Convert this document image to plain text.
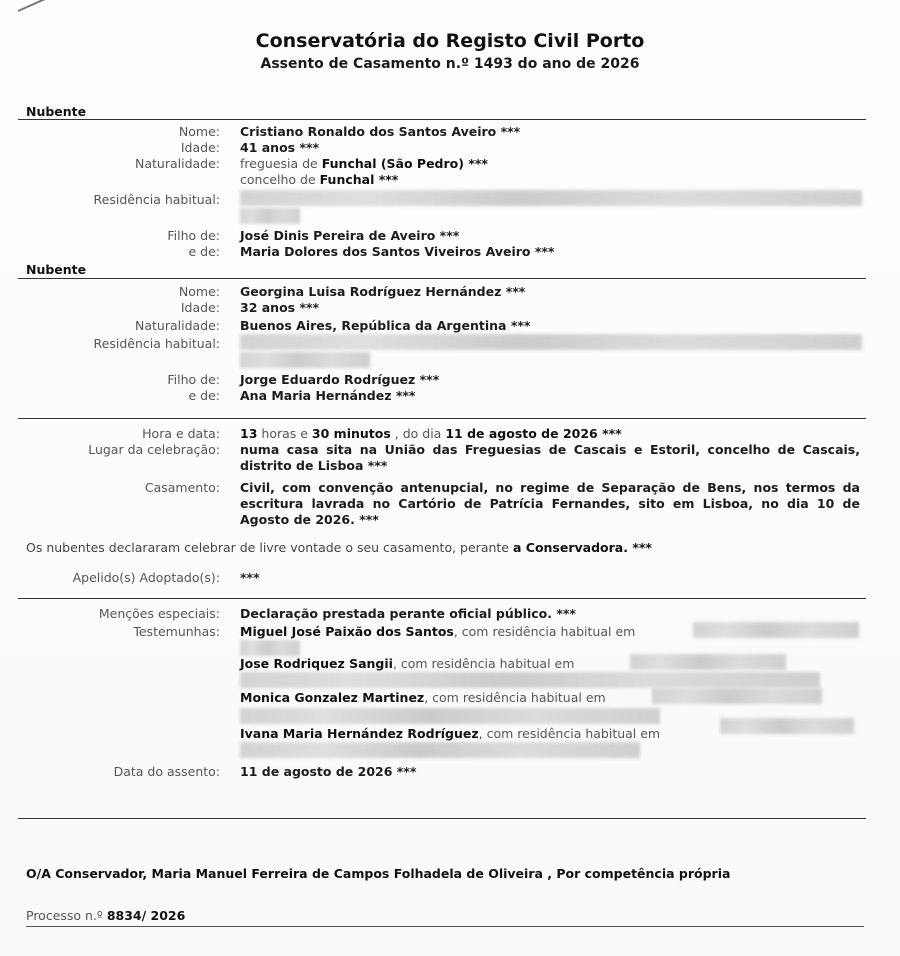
Conservatória do Registo Civil Porto
Assento de Casamento n.º 1493 do ano de 2026
Nubente
Nome: Cristiano Ronaldo dos Santos Aveiro ***
Idade: 41 anos ***
Naturalidade: freguesia de Funchal (São Pedro) ***
concelho de Funchal ***
Residência habitual:
Filho de: José Dinis Pereira de Aveiro ***
e de: Maria Dolores dos Santos Viveiros Aveiro ***
Nubente
Nome: Georgina Luisa Rodríguez Hernández ***
Idade: 32 anos ***
Naturalidade: Buenos Aires, República da Argentina ***
Residência habitual:
Filho de: Jorge Eduardo Rodríguez ***
e de: Ana Maria Hernández ***
Hora e data: 13 horas e 30 minutos , do dia 11 de agosto de 2026 ***
Lugar da celebração: numa casa sita na União das Freguesias de Cascais e Estoril, concelho de Cascais, distrito de Lisboa ***
Casamento: Civil, com convenção antenupcial, no regime de Separação de Bens, nos termos da escritura lavrada no Cartório de Patrícia Fernandes, sito em Lisboa, no dia 10 de Agosto de 2026. ***
Os nubentes declararam celebrar de livre vontade o seu casamento, perante a Conservadora. ***
Apelido(s) Adoptado(s): ***
Menções especiais: Declaração prestada perante oficial público. ***
Testemunhas: Miguel José Paixão dos Santos, com residência habitual em
Jose Rodriquez Sangii, com residência habitual em
Monica Gonzalez Martinez, com residência habitual em
Ivana Maria Hernández Rodríguez, com residência habitual em
Data do assento: 11 de agosto de 2026 ***
O/A Conservador, Maria Manuel Ferreira de Campos Folhadela de Oliveira , Por competência própria
Processo n.º 8834/ 2026
